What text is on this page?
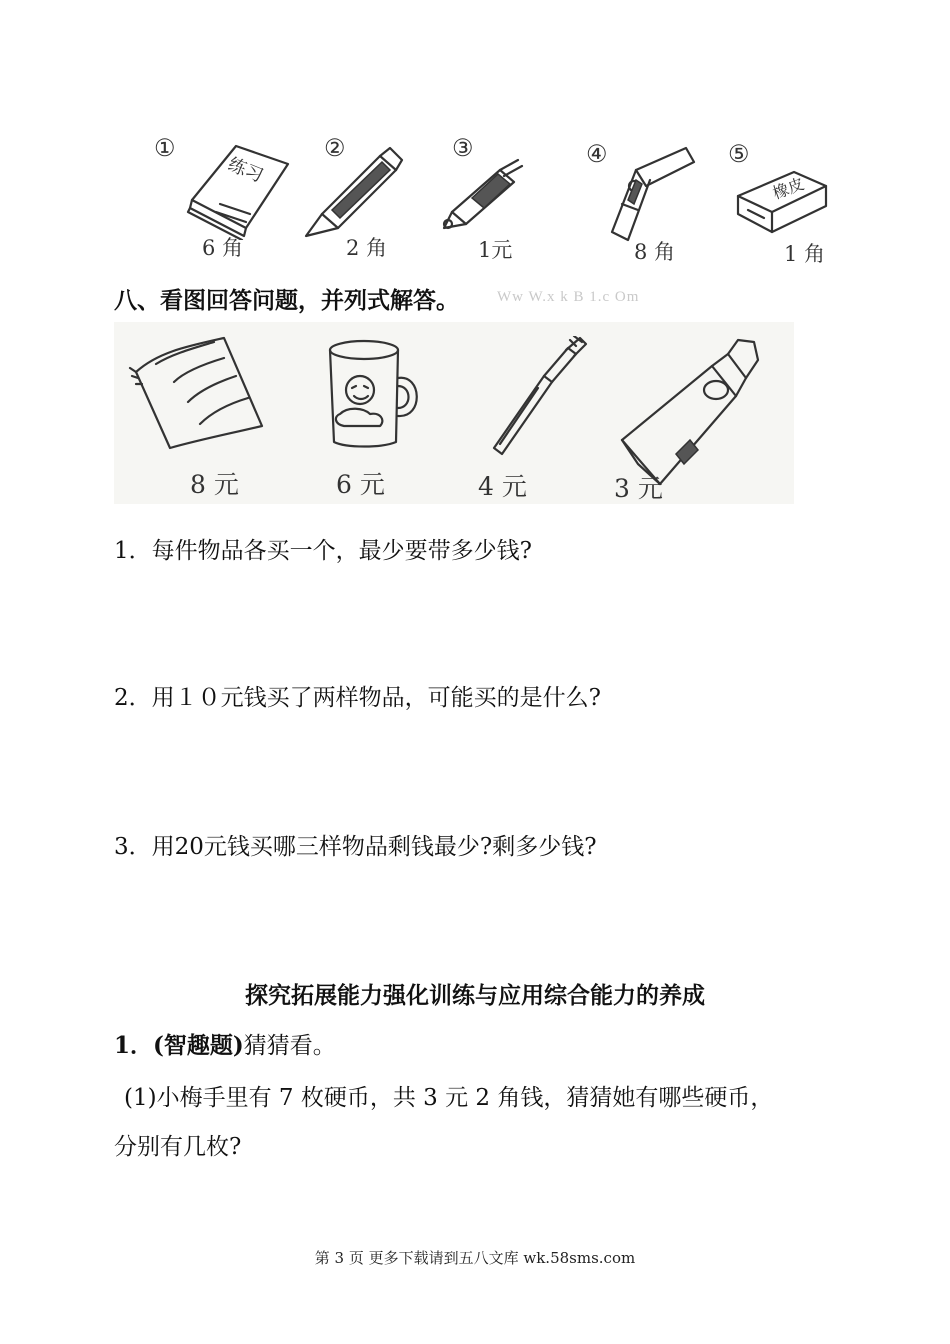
①	②	③	④	⑤
练习
橡皮
6 角	2 角	1元	8 角	1 角
八、看图回答问题，并列式解答。	Ww W.x k B 1.c Om
8 元	6 元	4 元	3 元
1．每件物品各买一个，最少要带多少钱?
2．用１０元钱买了两样物品，可能买的是什么?
3．用20元钱买哪三样物品剩钱最少?剩多少钱?
探究拓展能力强化训练与应用综合能力的养成
1．(智趣题)猜猜看。
(1)小梅手里有 7 枚硬币，共 3 元 2 角钱，猜猜她有哪些硬币，
分别有几枚?
第 3 页 更多下载请到五八文库 wk.58sms.com
